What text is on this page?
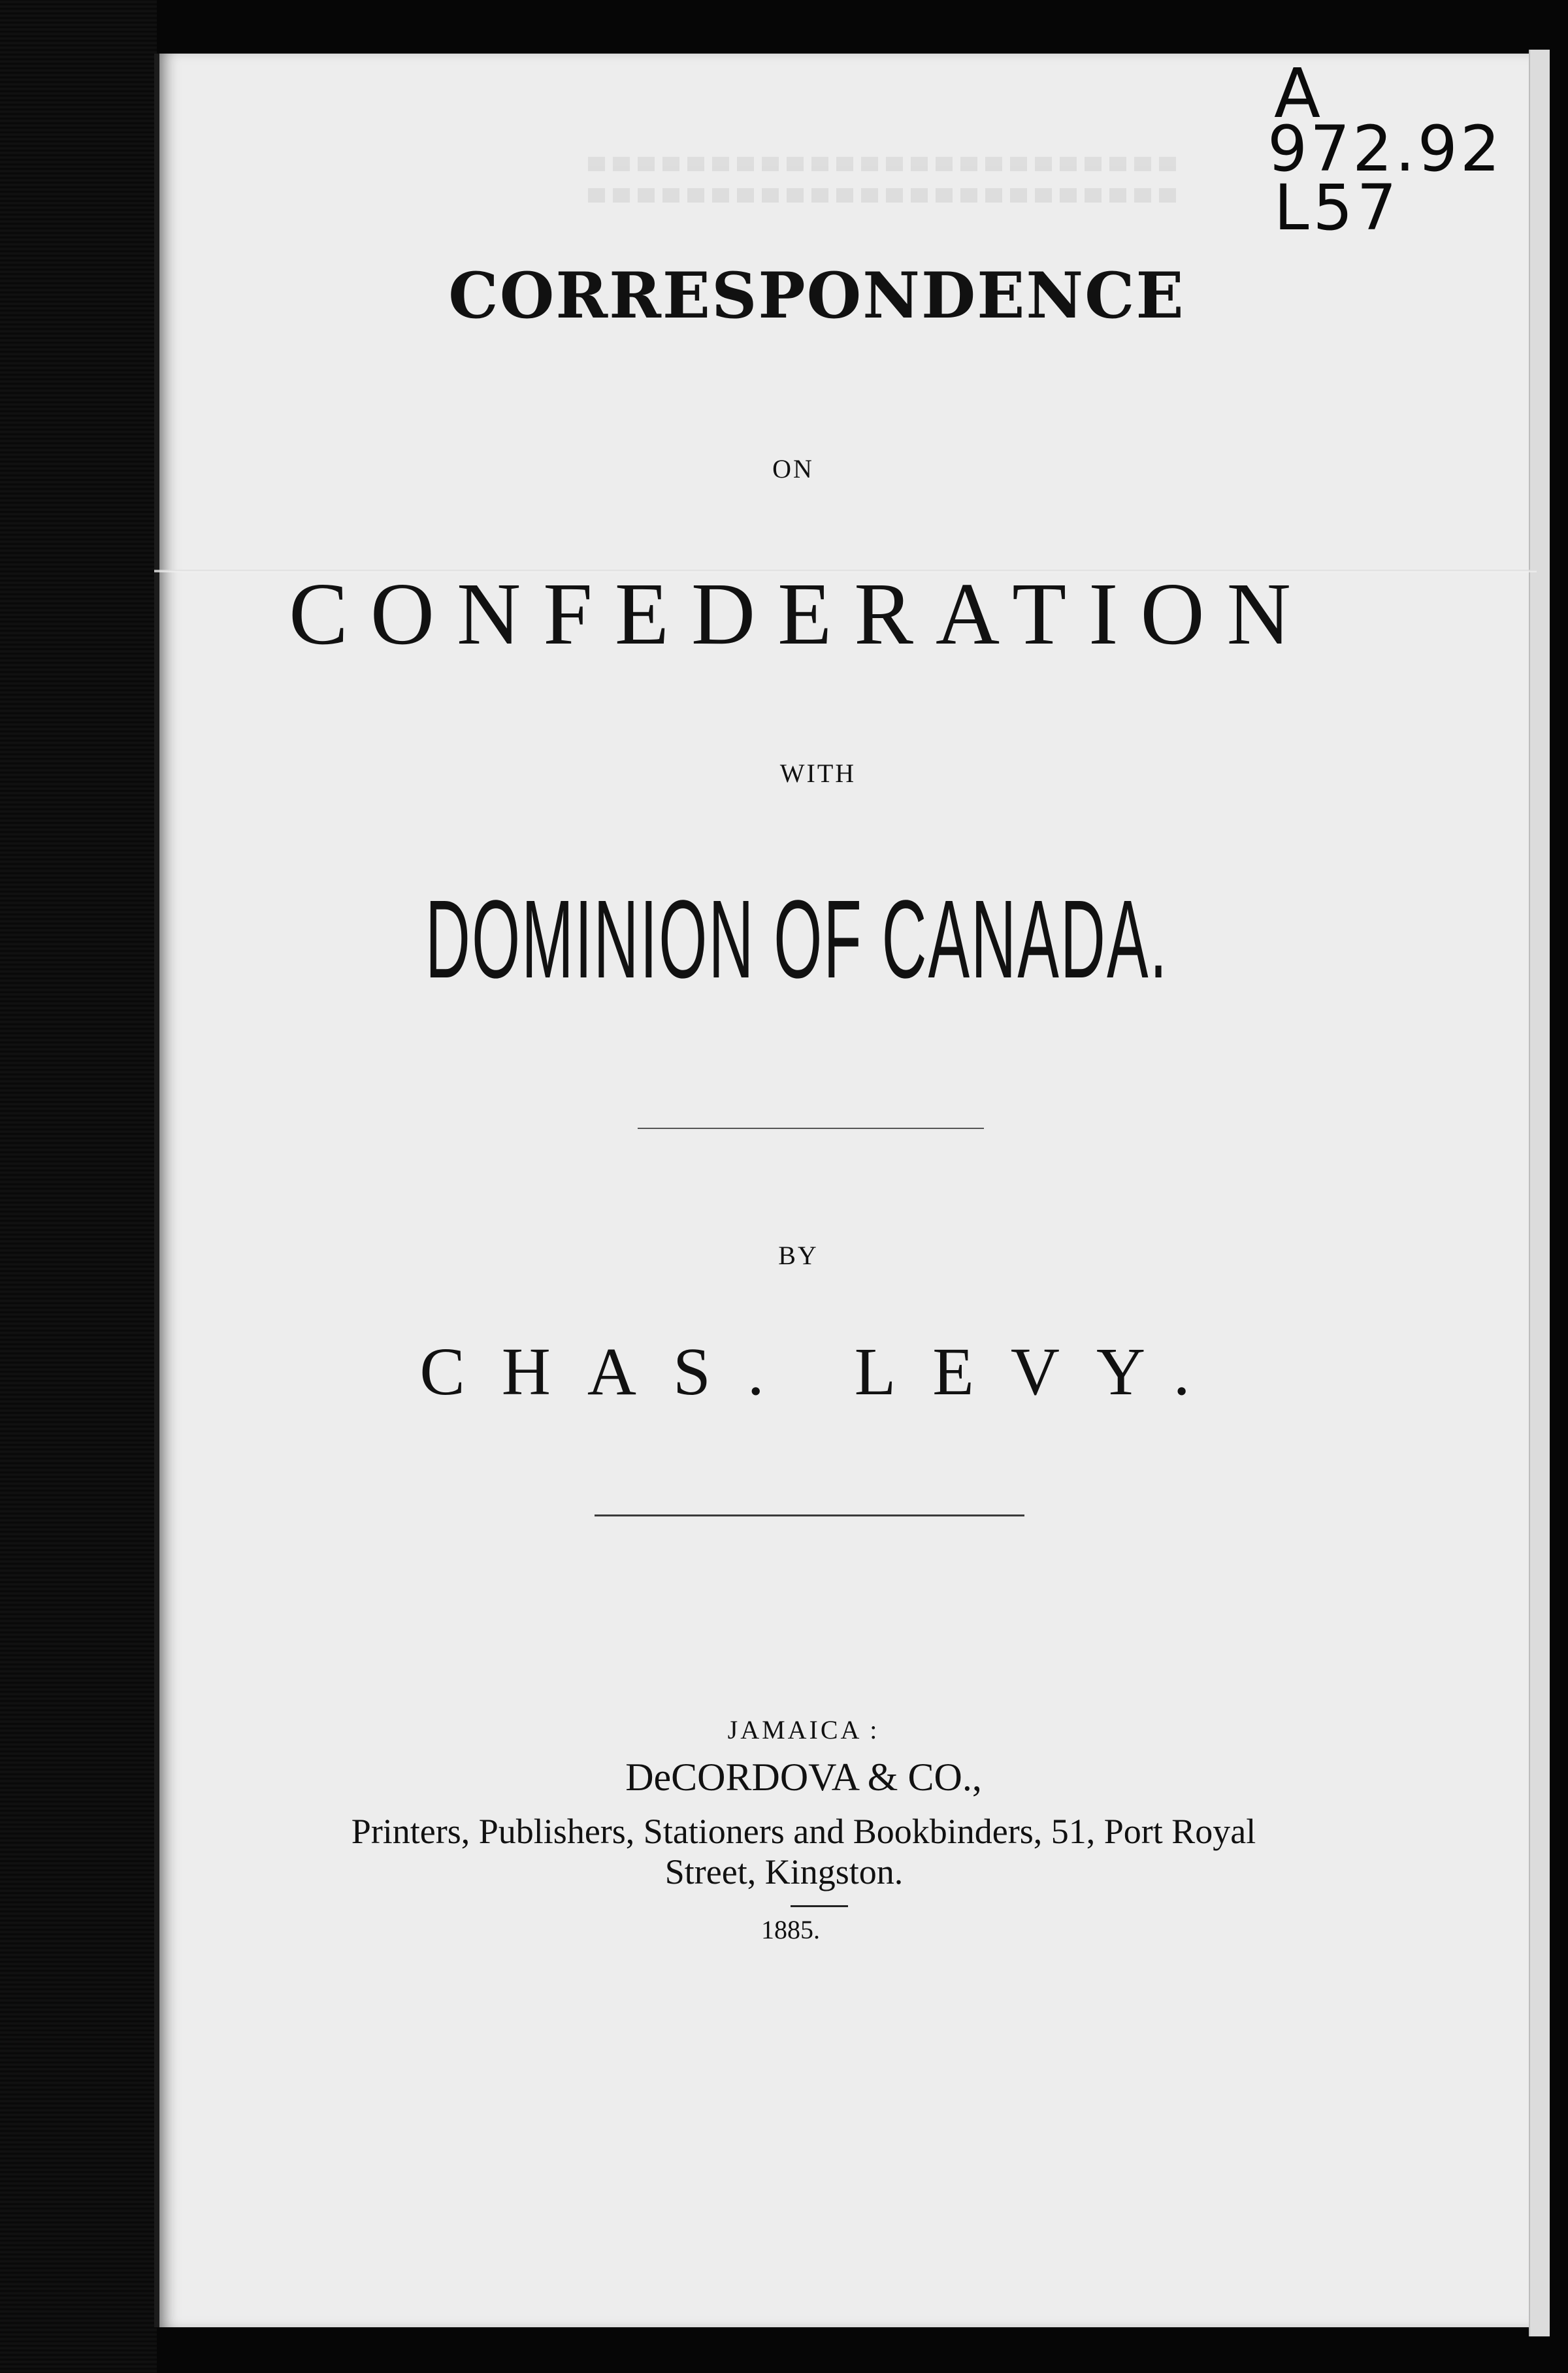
A
972.92
L57
CORRESPONDENCE
ON
CONFEDERATION
WITH
DOMINION OF CANADA.
BY
CHAS. LEVY.
JAMAICA :
DeCORDOVA & CO.,
Printers, Publishers, Stationers and Bookbinders, 51, Port Royal
Street, Kingston.
1885.
